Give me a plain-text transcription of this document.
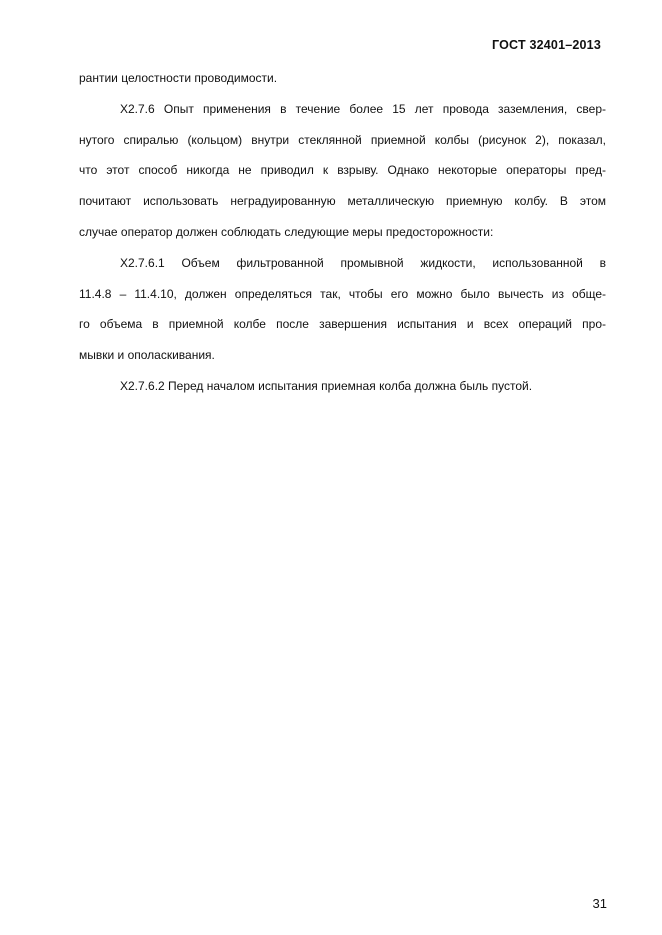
ГОСТ 32401–2013
рантии целостности проводимости.
Х2.7.6 Опыт применения в течение более 15 лет провода заземления, свер-
нутого спиралью (кольцом) внутри стеклянной приемной колбы (рисунок 2), показал,
что этот способ никогда не приводил к взрыву. Однако некоторые операторы пред-
почитают использовать неградуированную металлическую приемную колбу. В этом
случае оператор должен соблюдать следующие меры предосторожности:
Х2.7.6.1 Объем фильтрованной промывной жидкости, использованной в
11.4.8 – 11.4.10, должен определяться так, чтобы его можно было вычесть из обще-
го объема в приемной колбе после завершения испытания и всех операций про-
мывки и ополаскивания.
Х2.7.6.2 Перед началом испытания приемная колба должна быль пустой.
31
